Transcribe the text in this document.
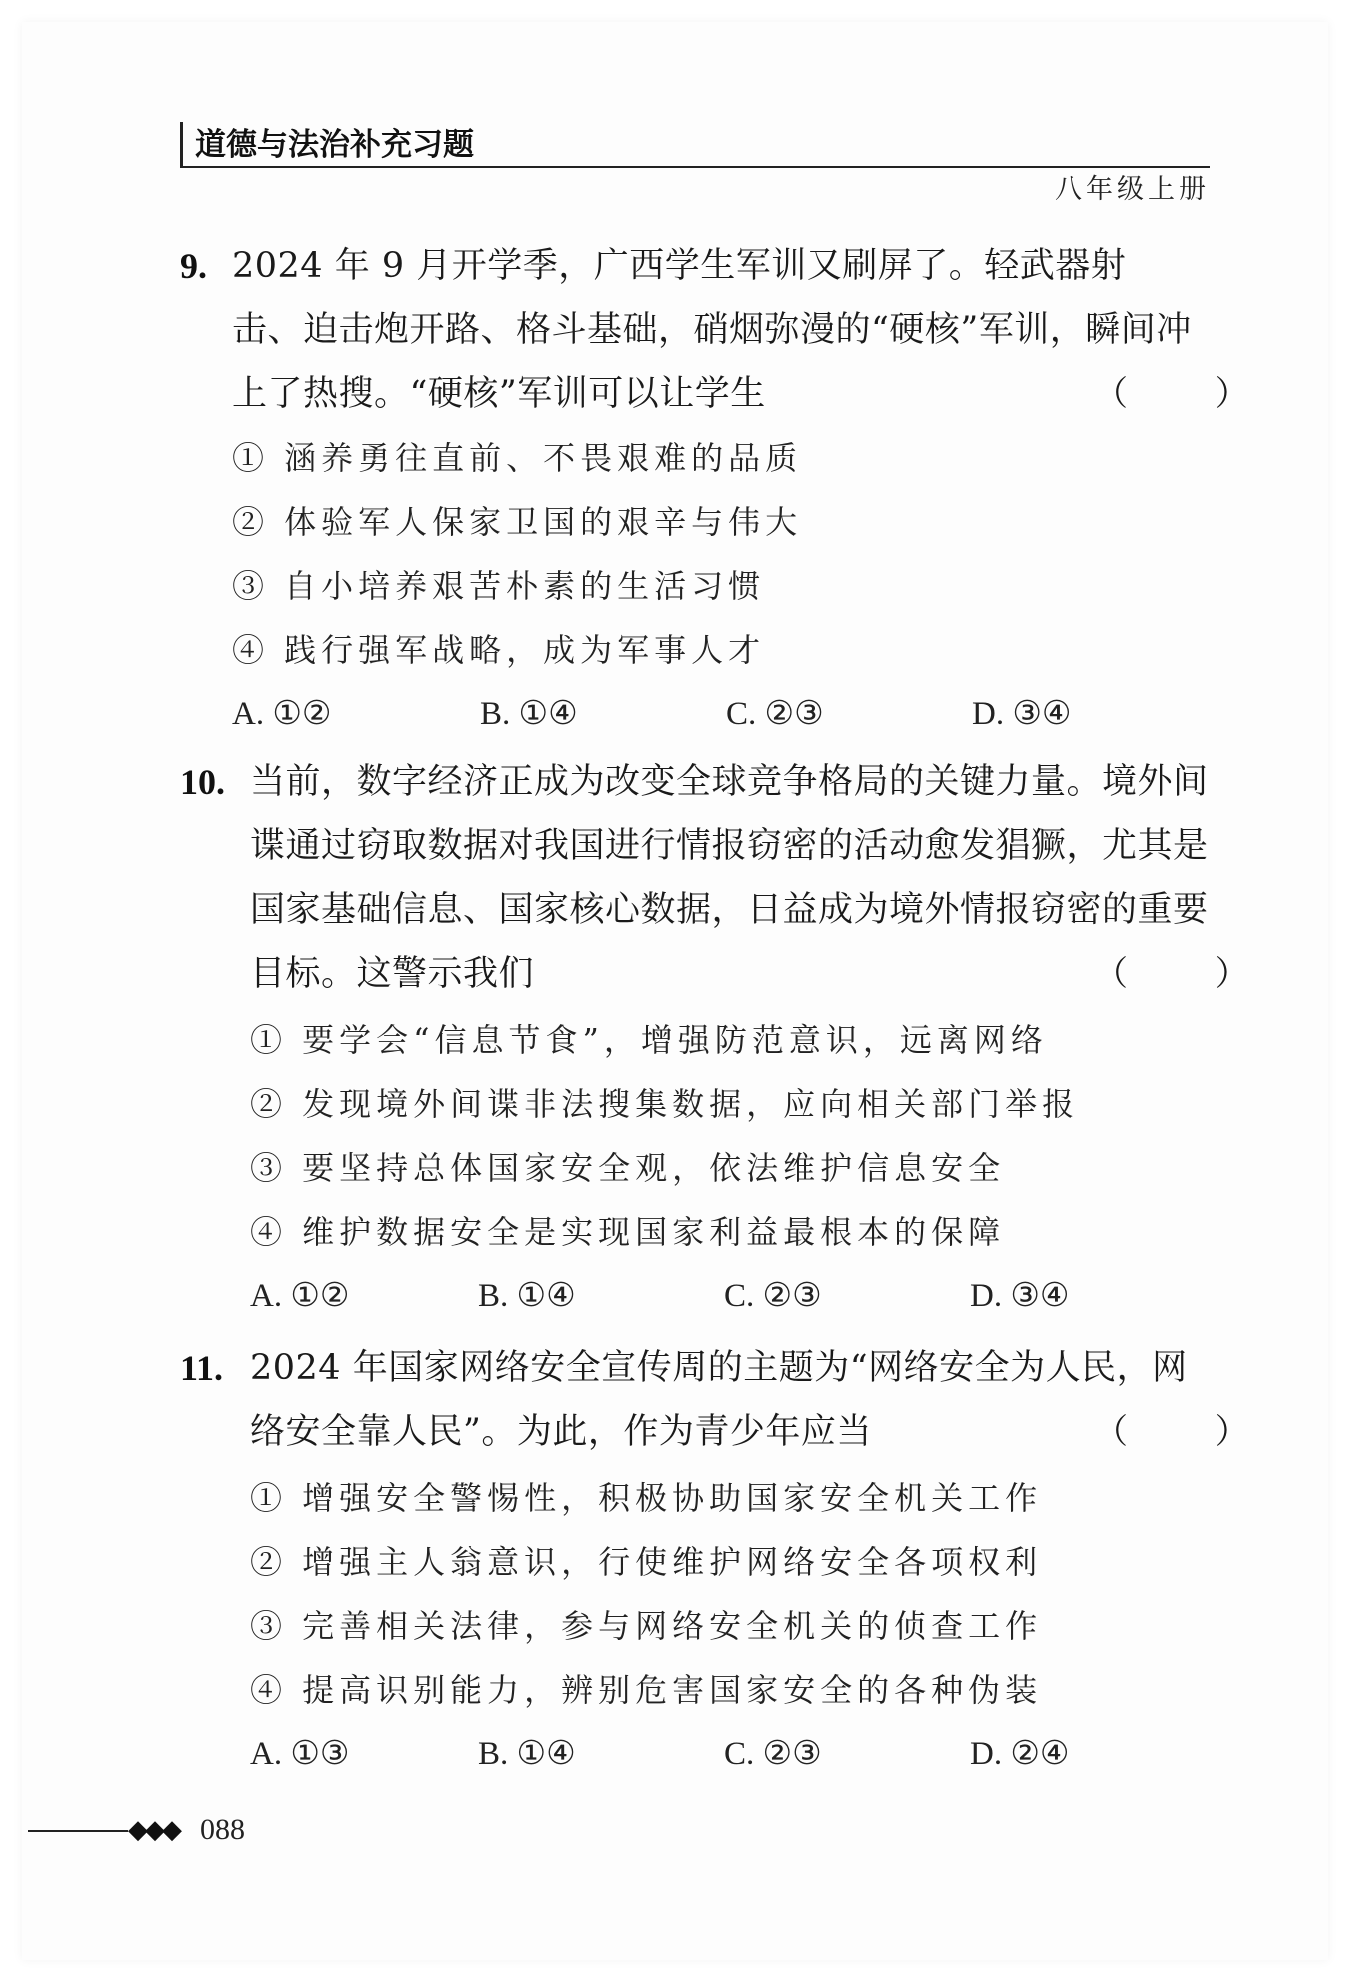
道德与法治补充习题
八年级上册
9. 2024 年 9 月开学季，广西学生军训又刷屏了。轻武器射击、迫击炮开路、格斗基础，硝烟弥漫的“硬核”军训，瞬间冲上了热搜。“硬核”军训可以让学生	（ ）
① 涵养勇往直前、不畏艰难的品质
② 体验军人保家卫国的艰辛与伟大
③ 自小培养艰苦朴素的生活习惯
④ 践行强军战略，成为军事人才
A. ①②	B. ①④	C. ②③	D. ③④
10. 当前，数字经济正成为改变全球竞争格局的关键力量。境外间谍通过窃取数据对我国进行情报窃密的活动愈发猖獗，尤其是国家基础信息、国家核心数据，日益成为境外情报窃密的重要目标。这警示我们	（ ）
① 要学会“信息节食”，增强防范意识，远离网络
② 发现境外间谍非法搜集数据，应向相关部门举报
③ 要坚持总体国家安全观，依法维护信息安全
④ 维护数据安全是实现国家利益最根本的保障
A. ①②	B. ①④	C. ②③	D. ③④
11. 2024 年国家网络安全宣传周的主题为“网络安全为人民，网络安全靠人民”。为此，作为青少年应当	（ ）
① 增强安全警惕性，积极协助国家安全机关工作
② 增强主人翁意识，行使维护网络安全各项权利
③ 完善相关法律，参与网络安全机关的侦查工作
④ 提高识别能力，辨别危害国家安全的各种伪装
A. ①③	B. ①④	C. ②③	D. ②④
◆◆◆ 088
